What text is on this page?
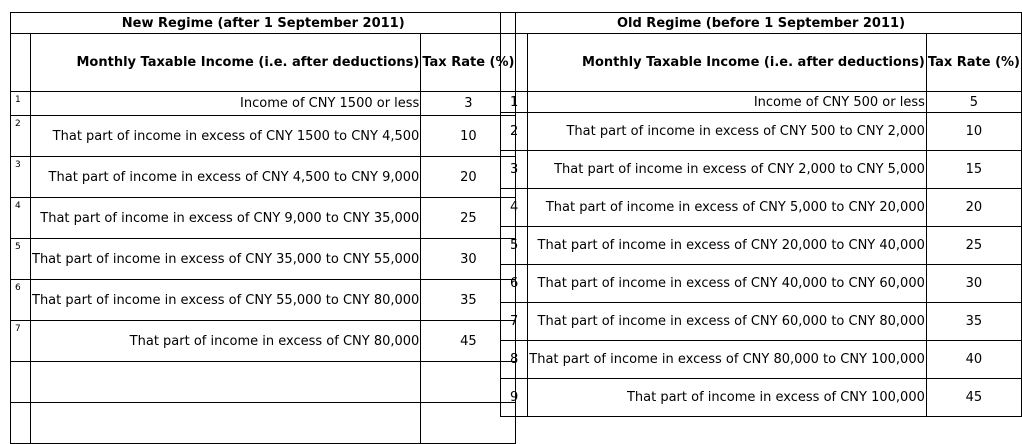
New Regime (after 1 September 2011)		
	Monthly Taxable Income (i.e. after deductions)	Tax Rate (%)
1	Income of CNY 1500 or less	3
2	That part of income in excess of CNY 1500 to CNY 4,500	10
3	That part of income in excess of CNY 4,500 to CNY 9,000	20
4	That part of income in excess of CNY 9,000 to CNY 35,000	25
5	That part of income in excess of CNY 35,000 to CNY 55,000	30
6	That part of income in excess of CNY 55,000 to CNY 80,000	35
7	That part of income in excess of CNY 80,000	45

Old Regime (before 1 September 2011)		
	Monthly Taxable Income (i.e. after deductions)	Tax Rate (%)
1	Income of CNY 500 or less	5
2	That part of income in excess of CNY 500 to CNY 2,000	10
3	That part of income in excess of CNY 2,000 to CNY 5,000	15
4	That part of income in excess of CNY 5,000 to CNY 20,000	20
5	That part of income in excess of CNY 20,000 to CNY 40,000	25
6	That part of income in excess of CNY 40,000 to CNY 60,000	30
7	That part of income in excess of CNY 60,000 to CNY 80,000	35
8	That part of income in excess of CNY 80,000 to CNY 100,000	40
9	That part of income in excess of CNY 100,000	45
